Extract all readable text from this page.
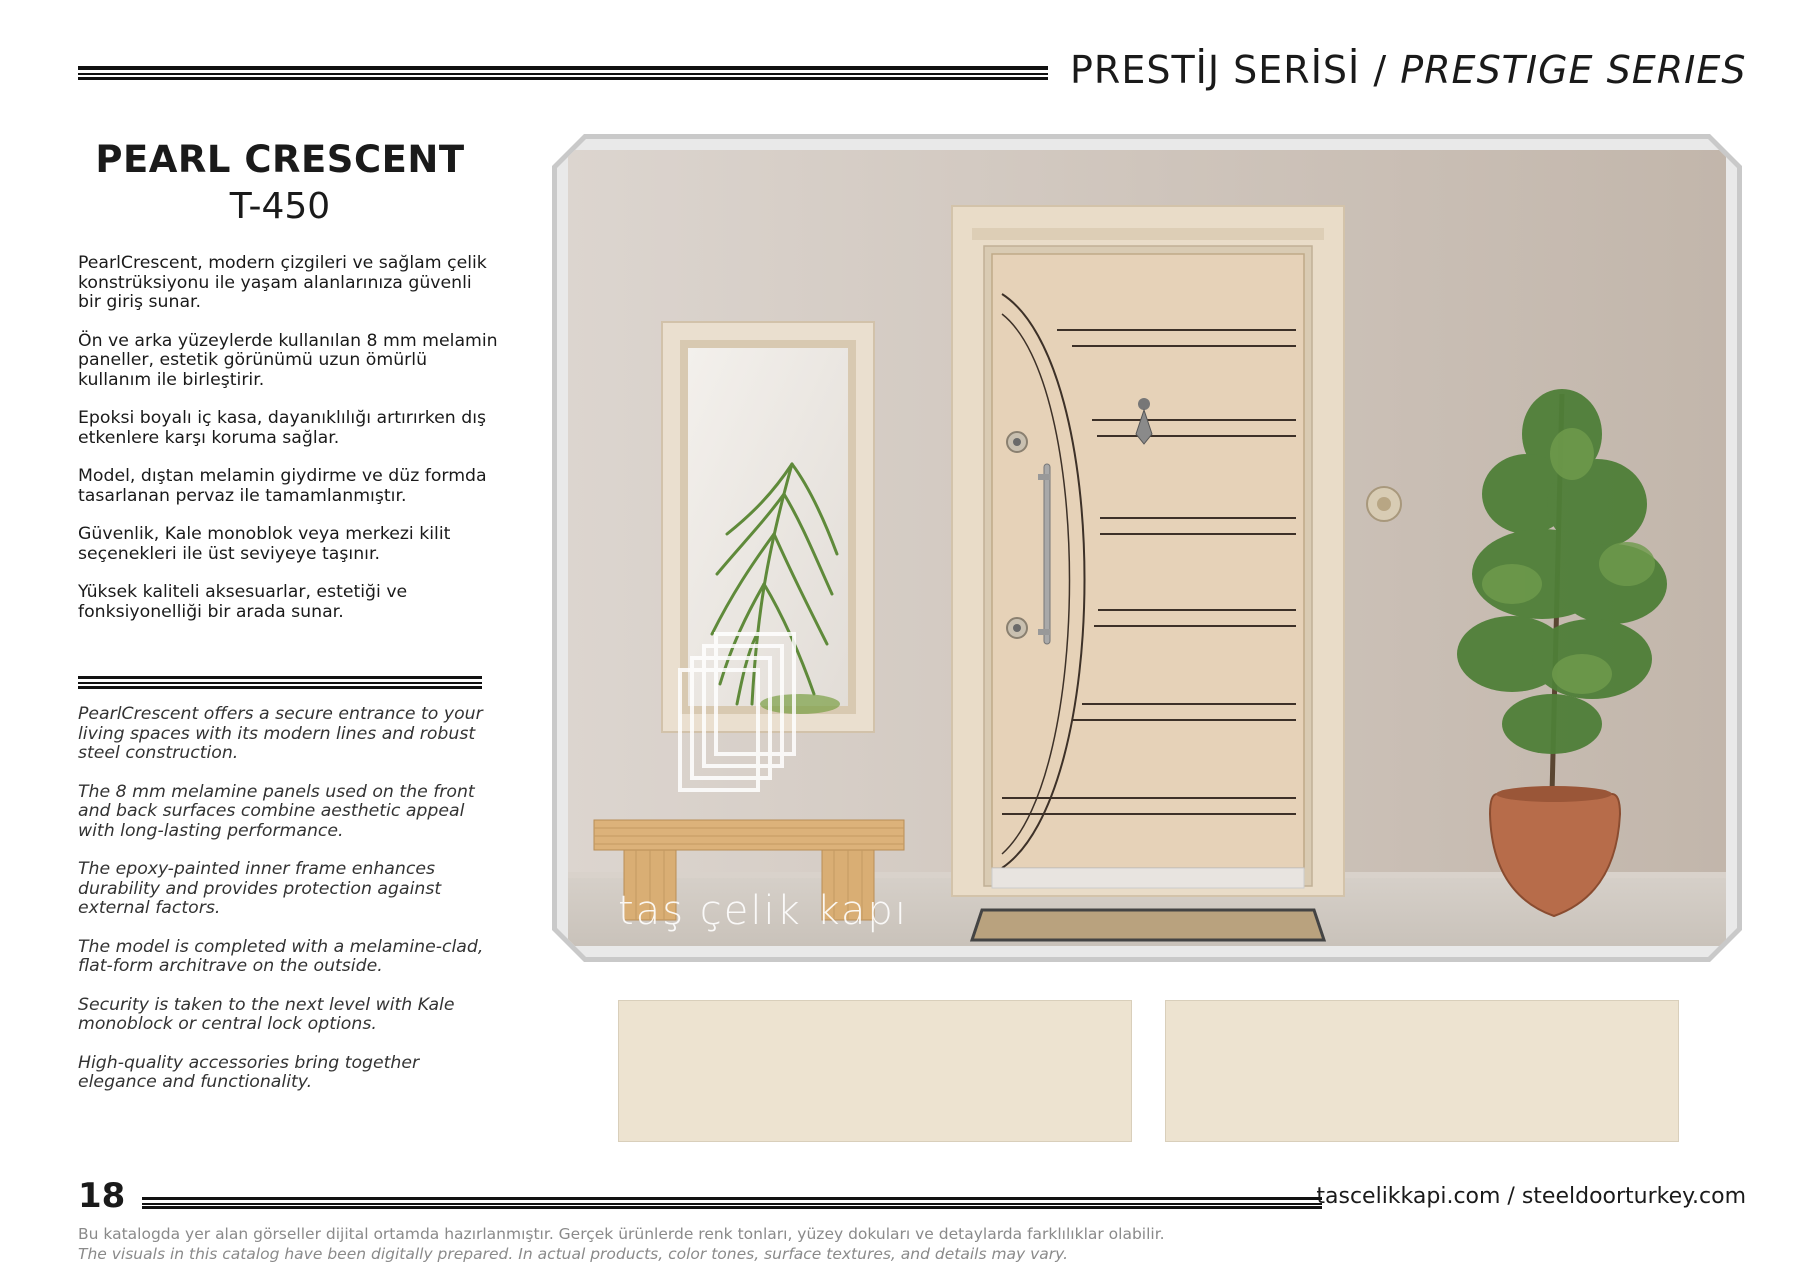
PRESTİJ SERİSİ / PRESTIGE SERIES
PEARL CRESCENT
T-450

PearlCrescent, modern çizgileri ve sağlam çelik konstrüksiyonu ile yaşam alanlarınıza güvenli bir giriş sunar.

Ön ve arka yüzeylerde kullanılan 8 mm melamin paneller, estetik görünümü uzun ömürlü kullanım ile birleştirir.

Epoksi boyalı iç kasa, dayanıklılığı artırırken dış etkenlere karşı koruma sağlar.

Model, dıştan melamin giydirme ve düz formda tasarlanan pervaz ile tamamlanmıştır.

Güvenlik, Kale monoblok veya merkezi kilit seçenekleri ile üst seviyeye taşınır.

Yüksek kaliteli aksesuarlar, estetiği ve fonksiyonelliği bir arada sunar.

PearlCrescent offers a secure entrance to your living spaces with its modern lines and robust steel construction.

The 8 mm melamine panels used on the front and back surfaces combine aesthetic appeal with long-lasting performance.

The epoxy-painted inner frame enhances durability and provides protection against external factors.

The model is completed with a melamine-clad, flat-form architrave on the outside.

Security is taken to the next level with Kale monoblock or central lock options.

High-quality accessories bring together elegance and functionality.

taş çelik kapı
18	tascelikkapi.com / steeldoorturkey.com
Bu katalogda yer alan görseller dijital ortamda hazırlanmıştır. Gerçek ürünlerde renk tonları, yüzey dokuları ve detaylarda farklılıklar olabilir.
The visuals in this catalog have been digitally prepared. In actual products, color tones, surface textures, and details may vary.
